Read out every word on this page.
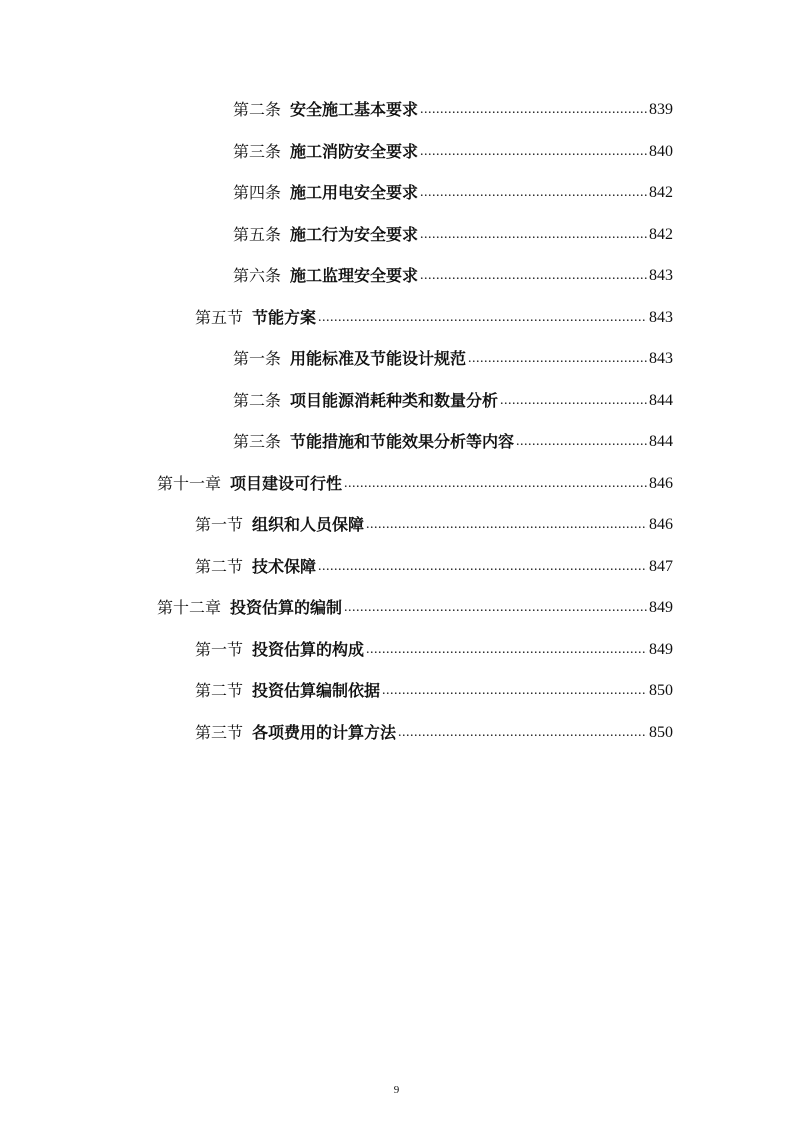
第二条 安全施工基本要求 .....	839
第三条 施工消防安全要求 .....	840
第四条 施工用电安全要求 .....	842
第五条 施工行为安全要求 .....	842
第六条 施工监理安全要求 .....	843
第五节 节能方案 .....	843
第一条 用能标准及节能设计规范 .....	843
第二条 项目能源消耗种类和数量分析 .....	844
第三条 节能措施和节能效果分析等内容 .....	844
第十一章 项目建设可行性 .....	846
第一节 组织和人员保障 .....	846
第二节 技术保障 .....	847
第十二章 投资估算的编制 .....	849
第一节 投资估算的构成 .....	849
第二节 投资估算编制依据 .....	850
第三节 各项费用的计算方法 .....	850
9
